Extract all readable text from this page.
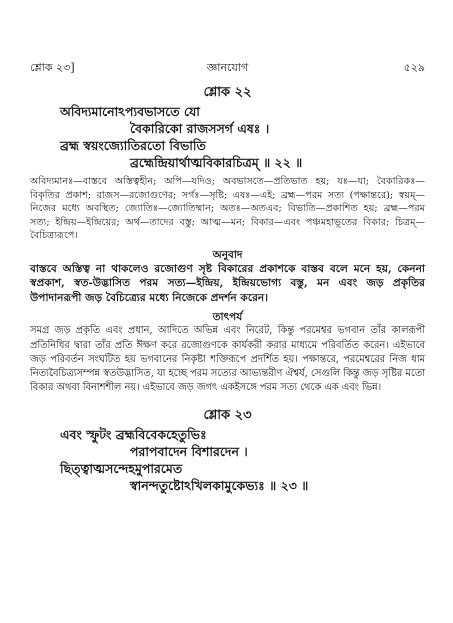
শ্লোক ২৩]	জ্ঞানযোগ	৫২৯
শ্লোক ২২
অবিদ্যমানোঽপ্যবভাসতে যো
বৈকারিকো রাজসসর্গ এষঃ ।
ব্রহ্ম স্বয়ংজ্যোতিরতো বিভাতি
ব্রহ্মেন্দ্রিয়ার্থাত্মবিকারচিত্রম্ ॥ ২২ ॥
অবিদ্যমানঃ—বাস্তবে অস্তিত্বহীন; অপি—যদিও; অবভাসতে—প্রতিভাত হয়; যঃ—যা; বৈকারিকঃ—বিকৃতির প্রকাশ; রাজস—রজোগুণের; সর্গঃ—সৃষ্টি; এষঃ—এই; ব্রহ্ম—পরম সত্য (পক্ষান্তরে); স্বয়ম্—নিজের মধ্যে অবস্থিত; জ্যোতিঃ—জ্যোতিষ্মান; অতঃ—অতএব; বিভাতি—প্রকাশিত হয়; ব্রহ্ম—পরম সত্য; ইন্দ্রিয়—ইন্দ্রিয়ের; অর্থ—তাদের বস্তু; আত্ম—মন; বিকার—এবং পঞ্চমহাভূতের বিকার; চিত্রম্—বৈচিত্র্যরূপে।
অনুবাদ
বাস্তবে অস্তিত্ব না থাকলেও রজোগুণ সৃষ্ট বিকারের প্রকাশকে বাস্তব বলে মনে হয়, কেননা স্বপ্রকাশ, স্বত-উদ্ভাসিত পরম সত্য—ইন্দ্রিয়, ইন্দ্রিয়ভোগ্য বস্তু, মন এবং জড় প্রকৃতির উপাদানরূপী জড় বৈচিত্র্যের মধ্যে নিজেকে প্রদর্শন করেন।
তাৎপর্য
সমগ্র জড় প্রকৃতি এবং প্রধান, আদিতে অভিন্ন এবং নিরেট, কিন্তু পরমেশ্বর ভগবান তাঁর কালরূপী প্রতিনিধির দ্বারা তাঁর প্রতি ঈক্ষণ করে রজোগুণকে কার্যকরী করার মাধ্যমে পরিবর্তিত করেন। এইভাবে জড় পরিবর্তন সংঘটিত হয় ভগবানের নিকৃষ্টা শক্তিরূপে প্রদর্শিত হয়। পক্ষান্তরে, পরমেশ্বরের নিজ ধাম নিত্যবৈচিত্র্যসম্পন্ন স্বতউদ্ভাসিত, যা হচ্ছে পরম সত্যের আভ্যন্তরীণ ঐশ্বর্য, সেগুলি কিন্তু জড় সৃষ্টির মতো বিকার অথবা বিনাশশীল নয়। এইভাবে জড় জগৎ একইসঙ্গে পরম সত্য থেকে এক এবং ভিন্ন।
শ্লোক ২৩
এবং স্ফুটং ব্রহ্মবিবেকহেতুভিঃ
পরাপবাদেন বিশারদেন ।
ছিত্ত্বাত্মসন্দেহমুপারমেত
স্বানন্দতুষ্টোঽখিলকামুকেভ্যঃ ॥ ২৩ ॥
